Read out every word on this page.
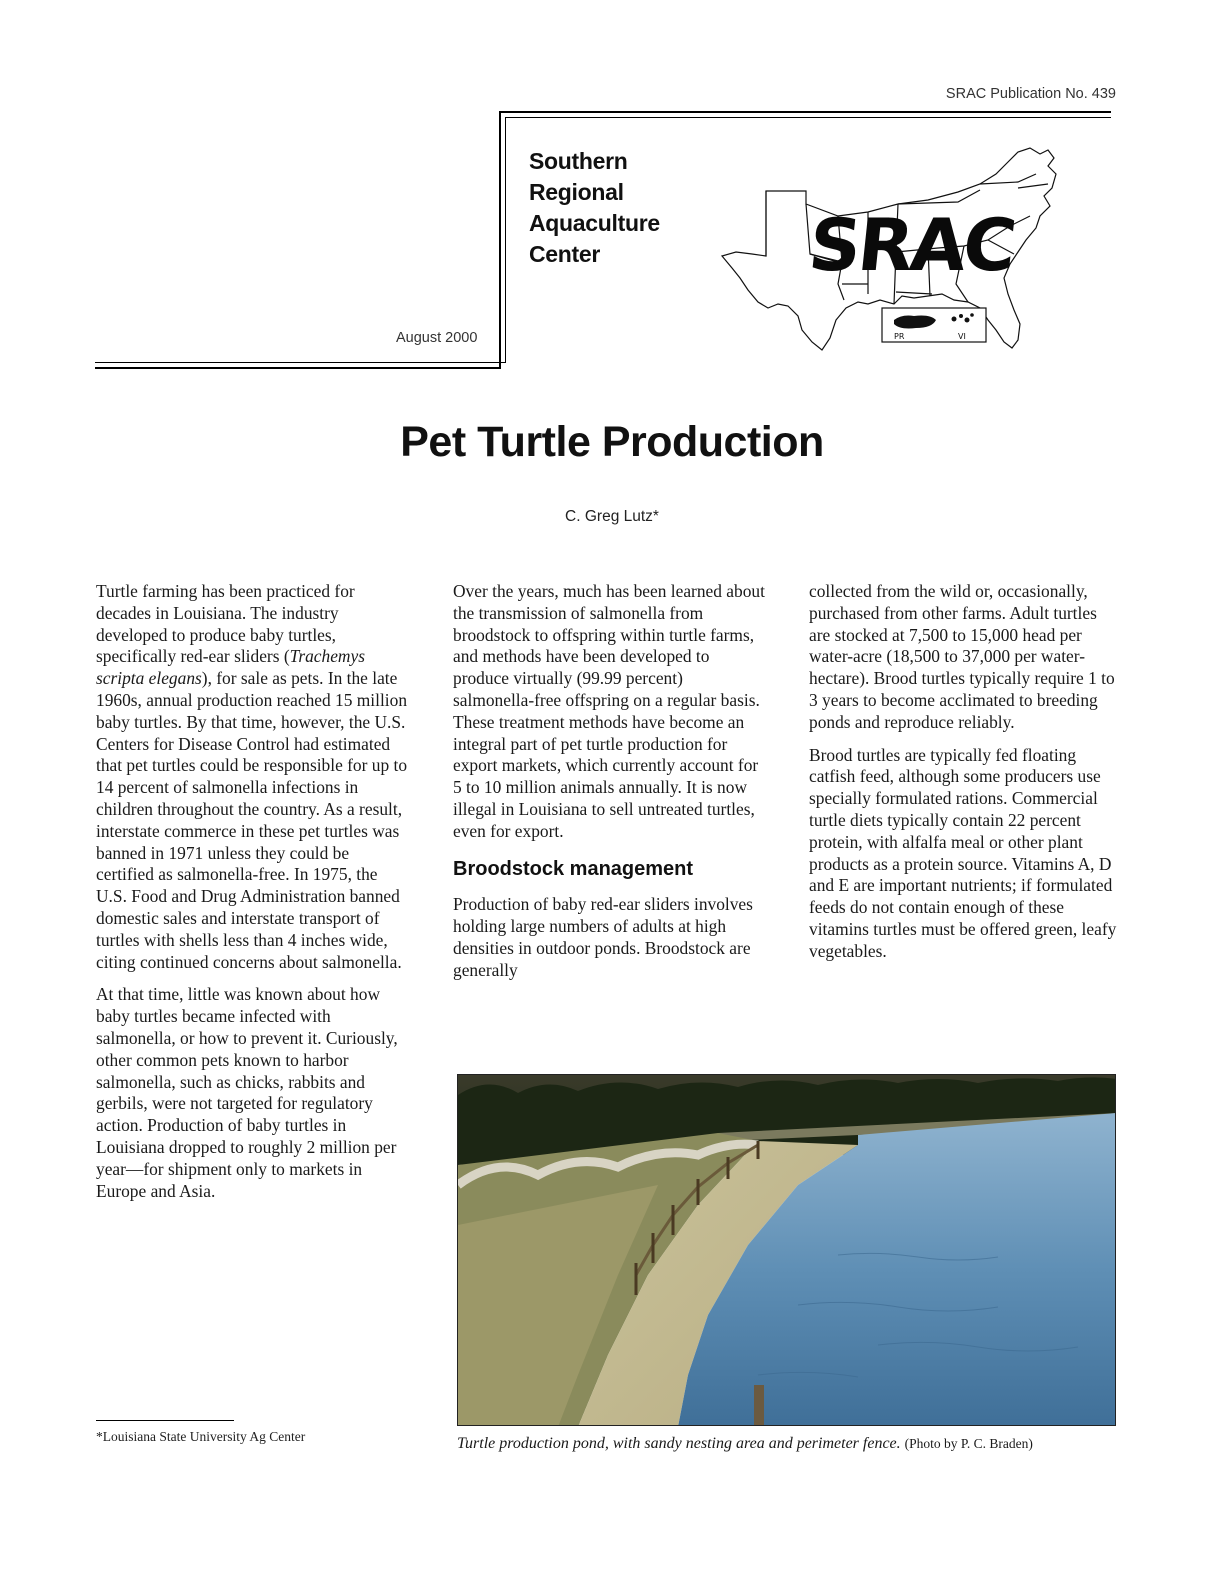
SRAC Publication No. 439
Southern
Regional
Aquaculture
Center
August 2000
SRAC
PR	VI
Pet Turtle Production
C. Greg Lutz*

Turtle farming has been practiced for decades in Louisiana. The industry developed to produce baby turtles, specifically red-ear sliders (Trachemys scripta elegans), for sale as pets. In the late 1960s, annual production reached 15 million baby turtles. By that time, however, the U.S. Centers for Disease Control had estimated that pet turtles could be responsible for up to 14 percent of salmonella infections in children throughout the country. As a result, interstate commerce in these pet turtles was banned in 1971 unless they could be certified as salmonella-free. In 1975, the U.S. Food and Drug Administration banned domestic sales and interstate transport of turtles with shells less than 4 inches wide, citing continued concerns about salmonella.

At that time, little was known about how baby turtles became infected with salmonella, or how to prevent it. Curiously, other common pets known to harbor salmonella, such as chicks, rabbits and gerbils, were not targeted for regulatory action. Production of baby turtles in Louisiana dropped to roughly 2 million per year—for shipment only to markets in Europe and Asia.

Over the years, much has been learned about the transmission of salmonella from broodstock to offspring within turtle farms, and methods have been developed to produce virtually (99.99 percent) salmonella-free offspring on a regular basis. These treatment methods have become an integral part of pet turtle production for export markets, which currently account for 5 to 10 million animals annually. It is now illegal in Louisiana to sell untreated turtles, even for export.

Broodstock management

Production of baby red-ear sliders involves holding large numbers of adults at high densities in outdoor ponds. Broodstock are generally

collected from the wild or, occasionally, purchased from other farms. Adult turtles are stocked at 7,500 to 15,000 head per water-acre (18,500 to 37,000 per water-hectare). Brood turtles typically require 1 to 3 years to become acclimated to breeding ponds and reproduce reliably.

Brood turtles are typically fed floating catfish feed, although some producers use specially formulated rations. Commercial turtle diets typically contain 22 percent protein, with alfalfa meal or other plant products as a protein source. Vitamins A, D and E are important nutrients; if formulated feeds do not contain enough of these vitamins turtles must be offered green, leafy vegetables.

*Louisiana State University Ag Center	Turtle production pond, with sandy nesting area and perimeter fence. (Photo by P. C. Braden)
